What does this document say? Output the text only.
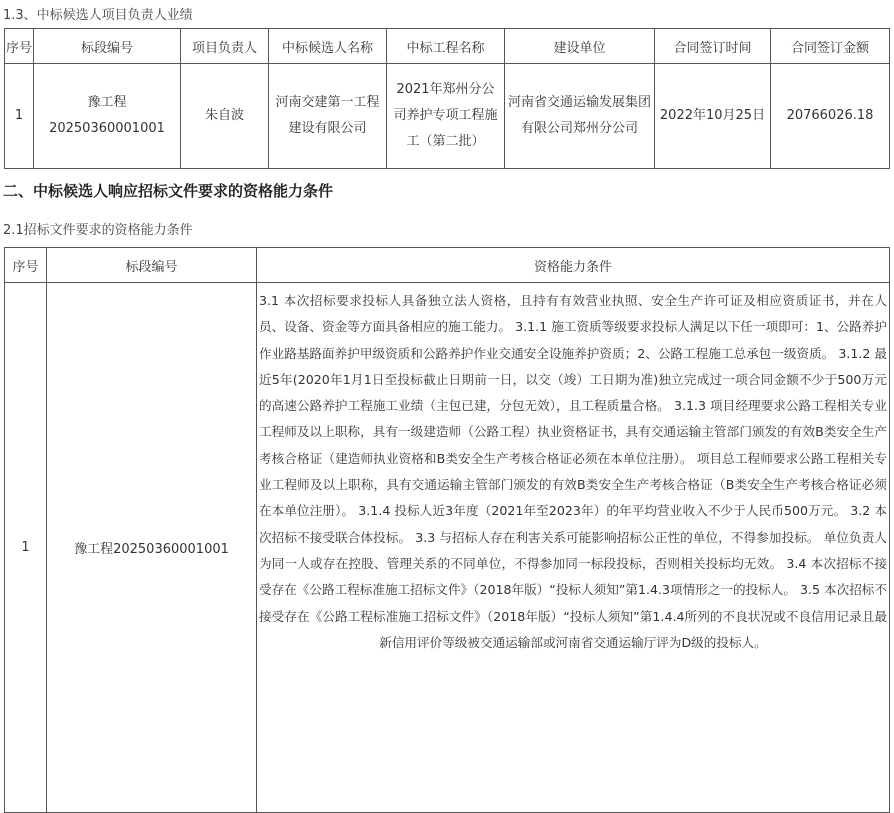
1.3、中标候选人项目负责人业绩
序号	标段编号	项目负责人	中标候选人名称	中标工程名称	建设单位	合同签订时间	合同签订金额
1	豫工程20250360001001	朱自波	河南交建第一工程建设有限公司	2021年郑州分公司养护专项工程施工（第二批）	河南省交通运输发展集团有限公司郑州分公司	2022年10月25日	20766026.18
二、中标候选人响应招标文件要求的资格能力条件
2.1招标文件要求的资格能力条件
序号	标段编号	资格能力条件
1	豫工程20250360001001	3.1 本次招标要求投标人具备独立法人资格，且持有有效营业执照、安全生产许可证及相应资质证书，并在人员、设备、资金等方面具备相应的施工能力。 3.1.1 施工资质等级要求投标人满足以下任一项即可：1、公路养护作业路基路面养护甲级资质和公路养护作业交通安全设施养护资质；2、公路工程施工总承包一级资质。 3.1.2 最近5年(2020年1月1日至投标截止日期前一日，以交（竣）工日期为准)独立完成过一项合同金额不少于500万元的高速公路养护工程施工业绩（主包已建，分包无效），且工程质量合格。 3.1.3 项目经理要求公路工程相关专业工程师及以上职称，具有一级建造师（公路工程）执业资格证书，具有交通运输主管部门颁发的有效B类安全生产考核合格证（建造师执业资格和B类安全生产考核合格证必须在本单位注册）。 项目总工程师要求公路工程相关专业工程师及以上职称，具有交通运输主管部门颁发的有效B类安全生产考核合格证（B类安全生产考核合格证必须在本单位注册）。 3.1.4 投标人近3年度（2021年至2023年）的年平均营业收入不少于人民币500万元。 3.2 本次招标不接受联合体投标。 3.3 与招标人存在利害关系可能影响招标公正性的单位，不得参加投标。 单位负责人为同一人或存在控股、管理关系的不同单位，不得参加同一标段投标，否则相关投标均无效。 3.4 本次招标不接受存在《公路工程标准施工招标文件》（2018年版）“投标人须知”第1.4.3项情形之一的投标人。 3.5 本次招标不接受存在《公路工程标准施工招标文件》（2018年版）“投标人须知”第1.4.4所列的不良状况或不良信用记录且最新信用评价等级被交通运输部或河南省交通运输厅评为D级的投标人。
